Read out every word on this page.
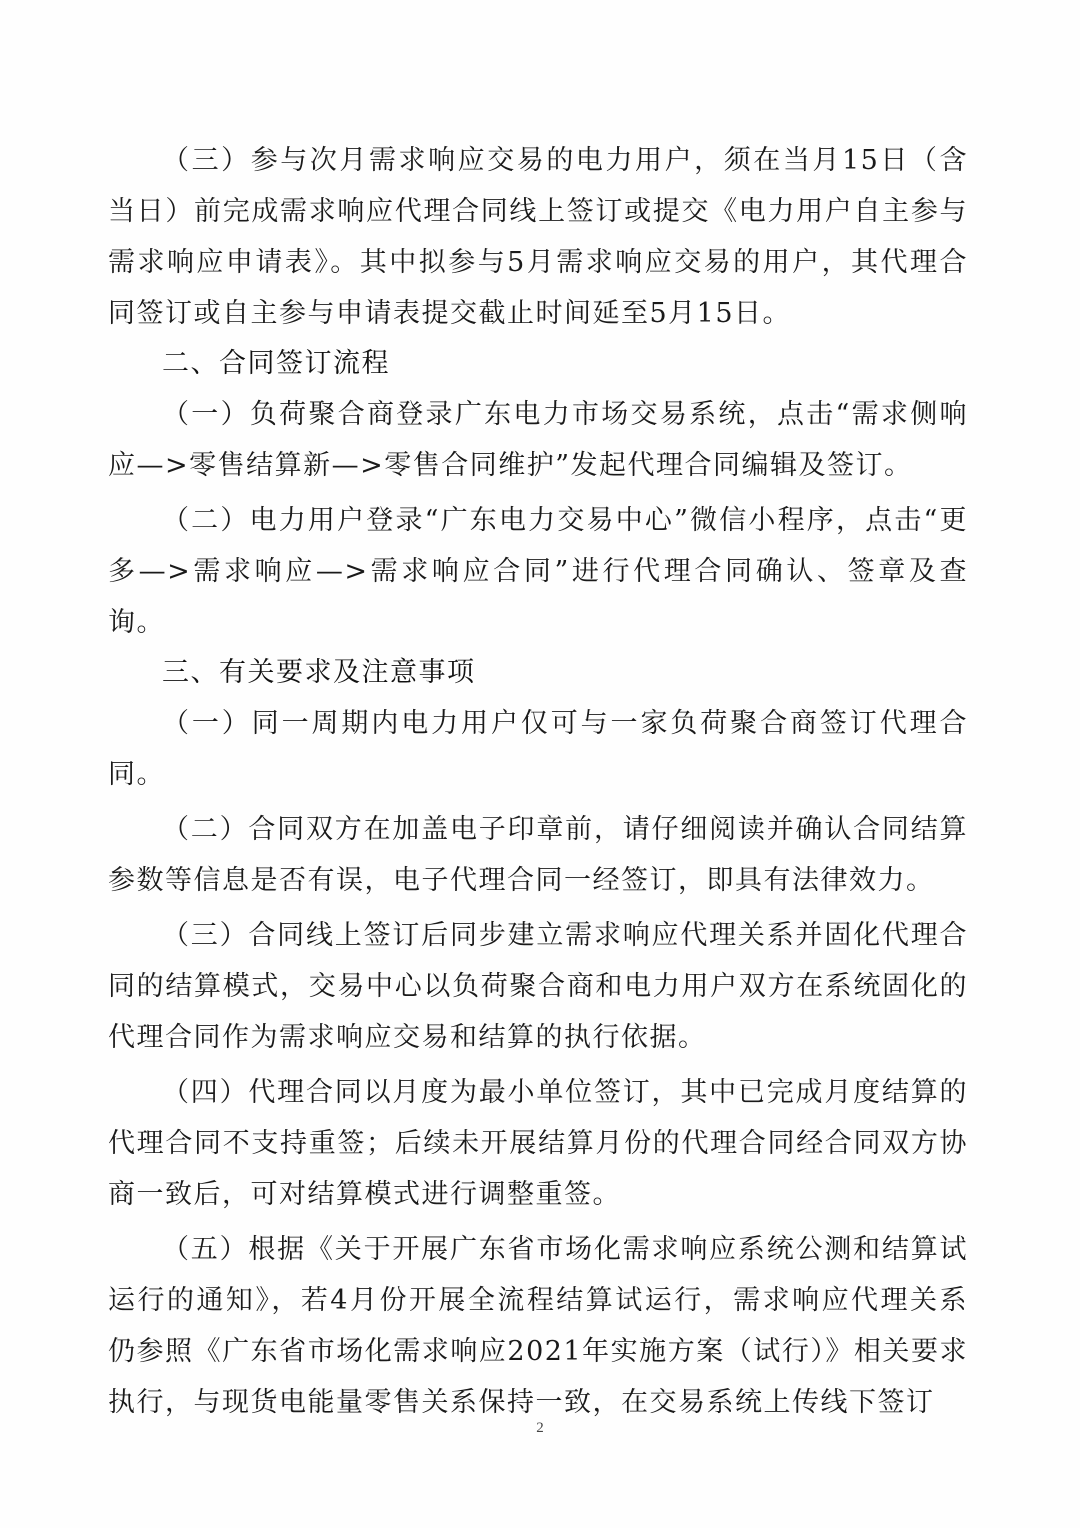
（三）参与次月需求响应交易的电力用户，须在当月15日（含当日）前完成需求响应代理合同线上签订或提交《电力用户自主参与需求响应申请表》。其中拟参与5月需求响应交易的用户，其代理合同签订或自主参与申请表提交截止时间延至5月15日。

二、合同签订流程

（一）负荷聚合商登录广东电力市场交易系统，点击“需求侧响应—>零售结算新—>零售合同维护”发起代理合同编辑及签订。

（二）电力用户登录“广东电力交易中心”微信小程序，点击“更多—>需求响应—>需求响应合同”进行代理合同确认、签章及查询。

三、有关要求及注意事项

（一）同一周期内电力用户仅可与一家负荷聚合商签订代理合同。

（二）合同双方在加盖电子印章前，请仔细阅读并确认合同结算参数等信息是否有误，电子代理合同一经签订，即具有法律效力。

（三）合同线上签订后同步建立需求响应代理关系并固化代理合同的结算模式，交易中心以负荷聚合商和电力用户双方在系统固化的代理合同作为需求响应交易和结算的执行依据。

（四）代理合同以月度为最小单位签订，其中已完成月度结算的代理合同不支持重签；后续未开展结算月份的代理合同经合同双方协商一致后，可对结算模式进行调整重签。

（五）根据《关于开展广东省市场化需求响应系统公测和结算试运行的通知》，若4月份开展全流程结算试运行，需求响应代理关系仍参照《广东省市场化需求响应2021年实施方案（试行）》相关要求执行，与现货电能量零售关系保持一致，在交易系统上传线下签订

2
